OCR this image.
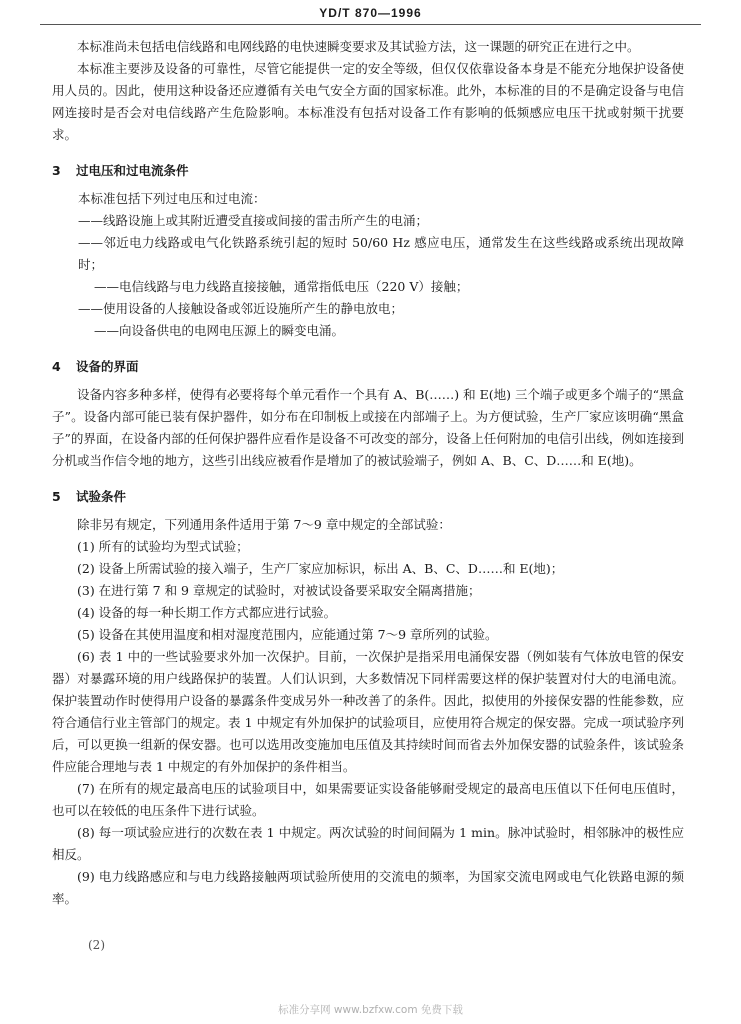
YD/T 870—1996

本标准尚未包括电信线路和电网线路的电快速瞬变要求及其试验方法，这一课题的研究正在进行之中。

本标准主要涉及设备的可靠性，尽管它能提供一定的安全等级，但仅仅依靠设备本身是不能充分地保护设备使用人员的。因此，使用这种设备还应遵循有关电气安全方面的国家标准。此外，本标准的目的不是确定设备与电信网连接时是否会对电信线路产生危险影响。本标准没有包括对设备工作有影响的低频感应电压干扰或射频干扰要求。

3 过电压和过电流条件

本标准包括下列过电压和过电流：

——线路设施上或其附近遭受直接或间接的雷击所产生的电涌；

——邻近电力线路或电气化铁路系统引起的短时 50/60 Hz 感应电压，通常发生在这些线路或系统出现故障时；

——电信线路与电力线路直接接触，通常指低电压（220 V）接触；

——使用设备的人接触设备或邻近设施所产生的静电放电；

——向设备供电的电网电压源上的瞬变电涌。

4 设备的界面

设备内容多种多样，使得有必要将每个单元看作一个具有 A、B(……) 和 E(地) 三个端子或更多个端子的“黑盒子”。设备内部可能已装有保护器件，如分布在印制板上或接在内部端子上。为方便试验，生产厂家应该明确“黑盒子”的界面，在设备内部的任何保护器件应看作是设备不可改变的部分，设备上任何附加的电信引出线，例如连接到分机或当作信令地的地方，这些引出线应被看作是增加了的被试验端子，例如 A、B、C、D……和 E(地)。

5 试验条件

除非另有规定，下列通用条件适用于第 7～9 章中规定的全部试验：

(1) 所有的试验均为型式试验；

(2) 设备上所需试验的接入端子，生产厂家应加标识，标出 A、B、C、D……和 E(地)；

(3) 在进行第 7 和 9 章规定的试验时，对被试设备要采取安全隔离措施；

(4) 设备的每一种长期工作方式都应进行试验。

(5) 设备在其使用温度和相对湿度范围内，应能通过第 7～9 章所列的试验。

(6) 表 1 中的一些试验要求外加一次保护。目前，一次保护是指采用电涌保安器（例如装有气体放电管的保安器）对暴露环境的用户线路保护的装置。人们认识到，大多数情况下同样需要这样的保护装置对付大的电涌电流。保护装置动作时使得用户设备的暴露条件变成另外一种改善了的条件。因此，拟使用的外接保安器的性能参数，应符合通信行业主管部门的规定。表 1 中规定有外加保护的试验项目，应使用符合规定的保安器。完成一项试验序列后，可以更换一组新的保安器。也可以选用改变施加电压值及其持续时间而省去外加保安器的试验条件，该试验条件应能合理地与表 1 中规定的有外加保护的条件相当。

(7) 在所有的规定最高电压的试验项目中，如果需要证实设备能够耐受规定的最高电压值以下任何电压值时，也可以在较低的电压条件下进行试验。

(8) 每一项试验应进行的次数在表 1 中规定。两次试验的时间间隔为 1 min。脉冲试验时，相邻脉冲的极性应相反。

(9) 电力线路感应和与电力线路接触两项试验所使用的交流电的频率，为国家交流电网或电气化铁路电源的频率。

(2)
标准分享网 www.bzfxw.com 免费下载
